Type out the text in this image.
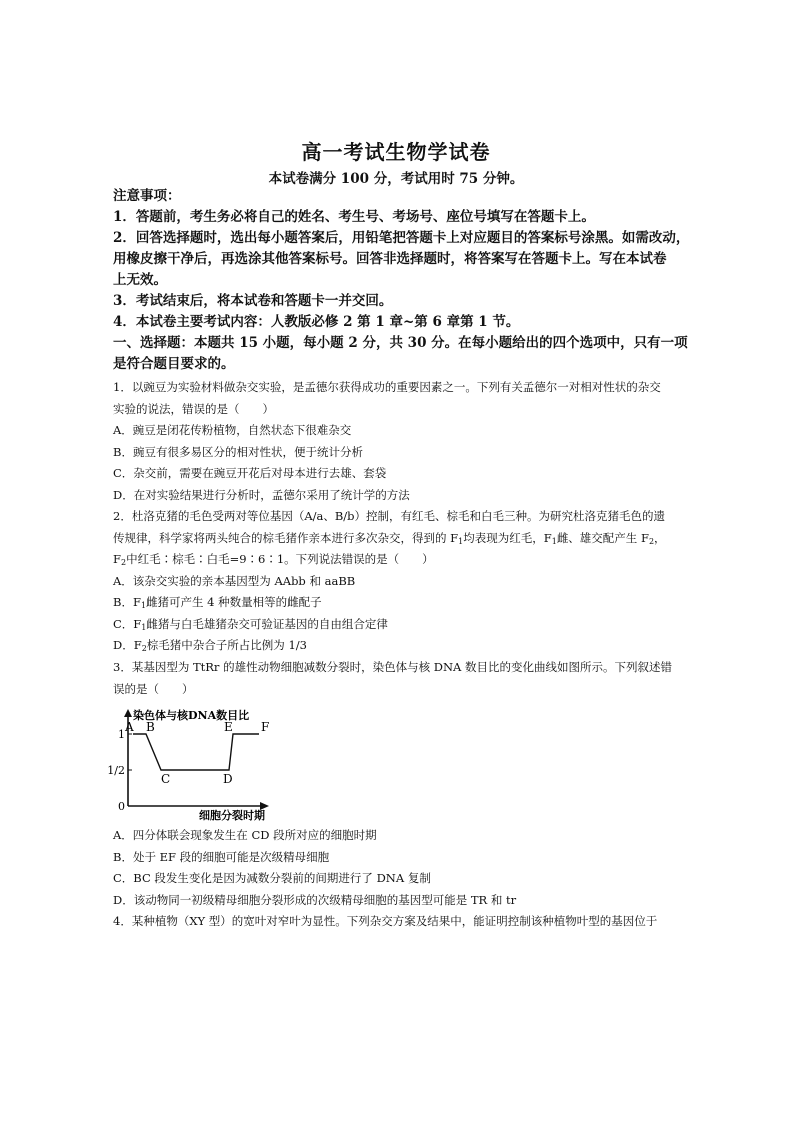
高一考试生物学试卷
本试卷满分 100 分，考试用时 75 分钟。
注意事项：
1．答题前，考生务必将自己的姓名、考生号、考场号、座位号填写在答题卡上。
2．回答选择题时，选出每小题答案后，用铅笔把答题卡上对应题目的答案标号涂黑。如需改动，
用橡皮擦干净后，再选涂其他答案标号。回答非选择题时，将答案写在答题卡上。写在本试卷
上无效。
3．考试结束后，将本试卷和答题卡一并交回。
4．本试卷主要考试内容：人教版必修 2 第 1 章~第 6 章第 1 节。
一、选择题：本题共 15 小题，每小题 2 分，共 30 分。在每小题给出的四个选项中，只有一项
是符合题目要求的。
1．以豌豆为实验材料做杂交实验，是孟德尔获得成功的重要因素之一。下列有关孟德尔一对相对性状的杂交
实验的说法，错误的是（　　）
A．豌豆是闭花传粉植物，自然状态下很难杂交
B．豌豆有很多易区分的相对性状，便于统计分析
C．杂交前，需要在豌豆开花后对母本进行去雄、套袋
D．在对实验结果进行分析时，孟德尔采用了统计学的方法
2．杜洛克猪的毛色受两对等位基因（A/a、B/b）控制，有红毛、棕毛和白毛三种。为研究杜洛克猪毛色的遗
传规律，科学家将两头纯合的棕毛猪作亲本进行多次杂交，得到的 $F_1$均表现为红毛，$F_1$雌、雄交配产生 $F_2$，
$F_2$中红毛∶棕毛∶白毛=9∶6∶1。下列说法错误的是（　　）
A．该杂交实验的亲本基因型为 AAbb 和 aaBB
B．$F_1$雌猪可产生 4 种数量相等的雌配子
C．$F_1$雌猪与白毛雄猪杂交可验证基因的自由组合定律
D．$F_2$棕毛猪中杂合子所占比例为 1/3
3．某基因型为 TtRr 的雄性动物细胞减数分裂时，染色体与核 DNA 数目比的变化曲线如图所示。下列叙述错
误的是（　　）
染色体与核DNA数目比
细胞分裂时期
1
1/2
0
A B
C	D
E F
A．四分体联会现象发生在 CD 段所对应的细胞时期
B．处于 EF 段的细胞可能是次级精母细胞
C．BC 段发生变化是因为减数分裂前的间期进行了 DNA 复制
D．该动物同一初级精母细胞分裂形成的次级精母细胞的基因型可能是 TR 和 tr
4．某种植物（XY 型）的宽叶对窄叶为显性。下列杂交方案及结果中，能证明控制该种植物叶型的基因位于
